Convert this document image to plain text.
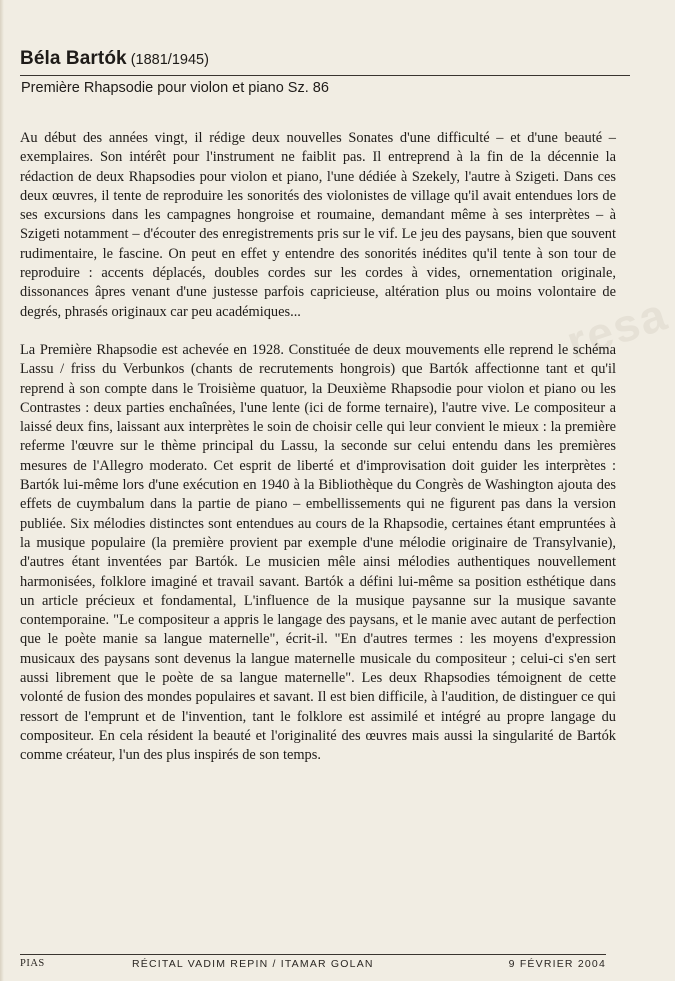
resa
Béla Bartók (1881/1945)
Première Rhapsodie pour violon et piano Sz. 86

Au début des années vingt, il rédige deux nouvelles Sonates d'une difficulté – et d'une beauté – exemplaires. Son intérêt pour l'instrument ne faiblit pas. Il entreprend à la fin de la décennie la rédaction de deux Rhapsodies pour violon et piano, l'une dédiée à Szekely, l'autre à Szigeti. Dans ces deux œuvres, il tente de reproduire les sonorités des violonistes de village qu'il avait entendues lors de ses excursions dans les campagnes hongroise et roumaine, demandant même à ses interprètes – à Szigeti notamment – d'écouter des enregistrements pris sur le vif. Le jeu des paysans, bien que souvent rudimentaire, le fascine. On peut en effet y entendre des sonorités inédites qu'il tente à son tour de reproduire : accents déplacés, doubles cordes sur les cordes à vides, ornementation originale, dissonances âpres venant d'une justesse parfois capricieuse, altération plus ou moins volontaire de degrés, phrasés originaux car peu académiques...

La Première Rhapsodie est achevée en 1928. Constituée de deux mouvements elle reprend le schéma Lassu / friss du Verbunkos (chants de recrutements hongrois) que Bartók affectionne tant et qu'il reprend à son compte dans le Troisième quatuor, la Deuxième Rhapsodie pour violon et piano ou les Contrastes : deux parties enchaînées, l'une lente (ici de forme ternaire), l'autre vive. Le compositeur a laissé deux fins, laissant aux interprètes le soin de choisir celle qui leur convient le mieux : la première referme l'œuvre sur le thème principal du Lassu, la seconde sur celui entendu dans les premières mesures de l'Allegro moderato. Cet esprit de liberté et d'improvisation doit guider les interprètes : Bartók lui-même lors d'une exécution en 1940 à la Bibliothèque du Congrès de Washington ajouta des effets de cuymbalum dans la partie de piano – embellissements qui ne figurent pas dans la version publiée. Six mélodies distinctes sont entendues au cours de la Rhapsodie, certaines étant empruntées à la musique populaire (la première provient par exemple d'une mélodie originaire de Transylvanie), d'autres étant inventées par Bartók. Le musicien mêle ainsi mélodies authentiques nouvellement harmonisées, folklore imaginé et travail savant. Bartók a défini lui-même sa position esthétique dans un article précieux et fondamental, L'influence de la musique paysanne sur la musique savante contemporaine. "Le compositeur a appris le langage des paysans, et le manie avec autant de perfection que le poète manie sa langue maternelle", écrit-il. "En d'autres termes : les moyens d'expression musicaux des paysans sont devenus la langue maternelle musicale du compositeur ; celui-ci s'en sert aussi librement que le poète de sa langue maternelle". Les deux Rhapsodies témoignent de cette volonté de fusion des mondes populaires et savant. Il est bien difficile, à l'audition, de distinguer ce qui ressort de l'emprunt et de l'invention, tant le folklore est assimilé et intégré au propre langage du compositeur. En cela résident la beauté et l'originalité des œuvres mais aussi la singularité de Bartók comme créateur, l'un des plus inspirés de son temps.

PIAS	RÉCITAL VADIM REPIN / ITAMAR GOLAN	9 FÉVRIER 2004
